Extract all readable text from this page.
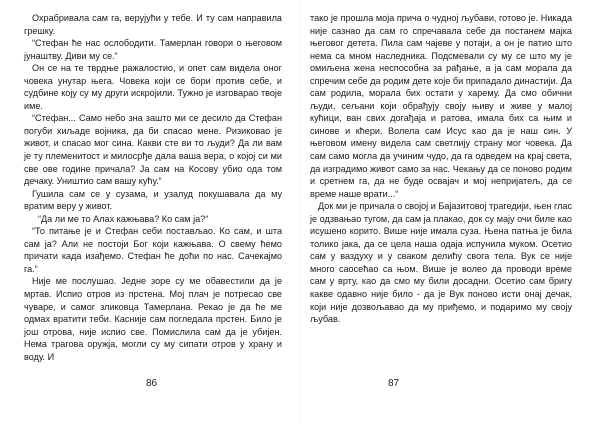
Охрабривала сам га, верујући у тебе. И ту сам направила грешку.

“Стефан ће нас ослободити. Тамерлан говори о његовом јунаштву. Диви му се.“

Он се на те тврдње ражалостио, и опет сам видела оног човека унутар њега. Човека који се бори против себе, и судбине коју су му други искројили. Тужно је изговарао твоје име.

“Стефан... Само небо зна зашто ми се десило да Стефан погуби хиљаде војника, да би спасао мене. Ризиковао је живот, и спасао мог сина. Какви сте ви то људи? Да ли вам је ту племенитост и милосрђе дала ваша вера, о којој си ми све ове године причала? Ја сам на Косову убио ода том дечаку. Уништио сам вашу кућу.“

Гушила сам се у сузама, и узалуд покушавала да му вратим веру у живот.

“Да ли ме то Алах кажњава? Ко сам ја?“

“То питање је и Стефан себи постављао. Ко сам, и шта сам ја? Али не постоји Бог који кажњава. О свему ћемо причати када изађемо. Стефан ће доћи по нас. Сачекајмо га.“

Није ме послушао. Једне зоре су ме обавестили да је мртав. Испио отров из прстена. Мој плач је потресао све чуваре, и самог зликовца Тамерлана. Рекао је да ће ме одмах вратити теби. Касније сам погледала прстен. Било је још отрова, није испио све. Помислила сам да је убијен. Нема трагова оружја, могли су му сипати отров у храну и воду. И

86

тако је прошла моја прича о чудној љубави, готово је. Никада није сазнао да сам го спречавала себе да постанем мајка његовог детета. Пила сам чајеве у потаји, а он је патио што нема са мном наследника. Подсмевали су му се што му је омиљена жена неспособна за рађање, а ја сам морала да спречим себе да родим дете које би припадало династији. Да сам родила, морала бих остати у харему. Да смо обични људи, сељани који обрађују своју њиву и живе у малој кућици, ван свих догађаја и ратова, имала бих са њим и синове и кћери. Волела сам Исус као да је наш син. У његовом имену видела сам светлију страну мог човека. Да сам само могла да учиним чудо, да га одведем на крај света, да изградимо живот само за нас. Чекању да се поново родим и сретнем га, да не буде освајач и мој непријатељ, да се време наше врати...“

Док ми је причала о својој и Бајазитовој трагедији, њен глас је одзвањао тугом, да сам ја плакао, док су мају очи биле као исушено корито. Више није имала суза. Њена патња је била толико јака, да се цела наша одаја испунила муком. Осетио сам у ваздуху и у сваком делићу свога тела. Вук се није много саосећао са њом. Више је волео да проводи време сам у врту, као да смо му били досадни. Осетио сам бригу какве одавно није било - да је Вук поново исти онај дечак, који није дозвољавао да му приђемо, и подаримо му своју љубав.

87
